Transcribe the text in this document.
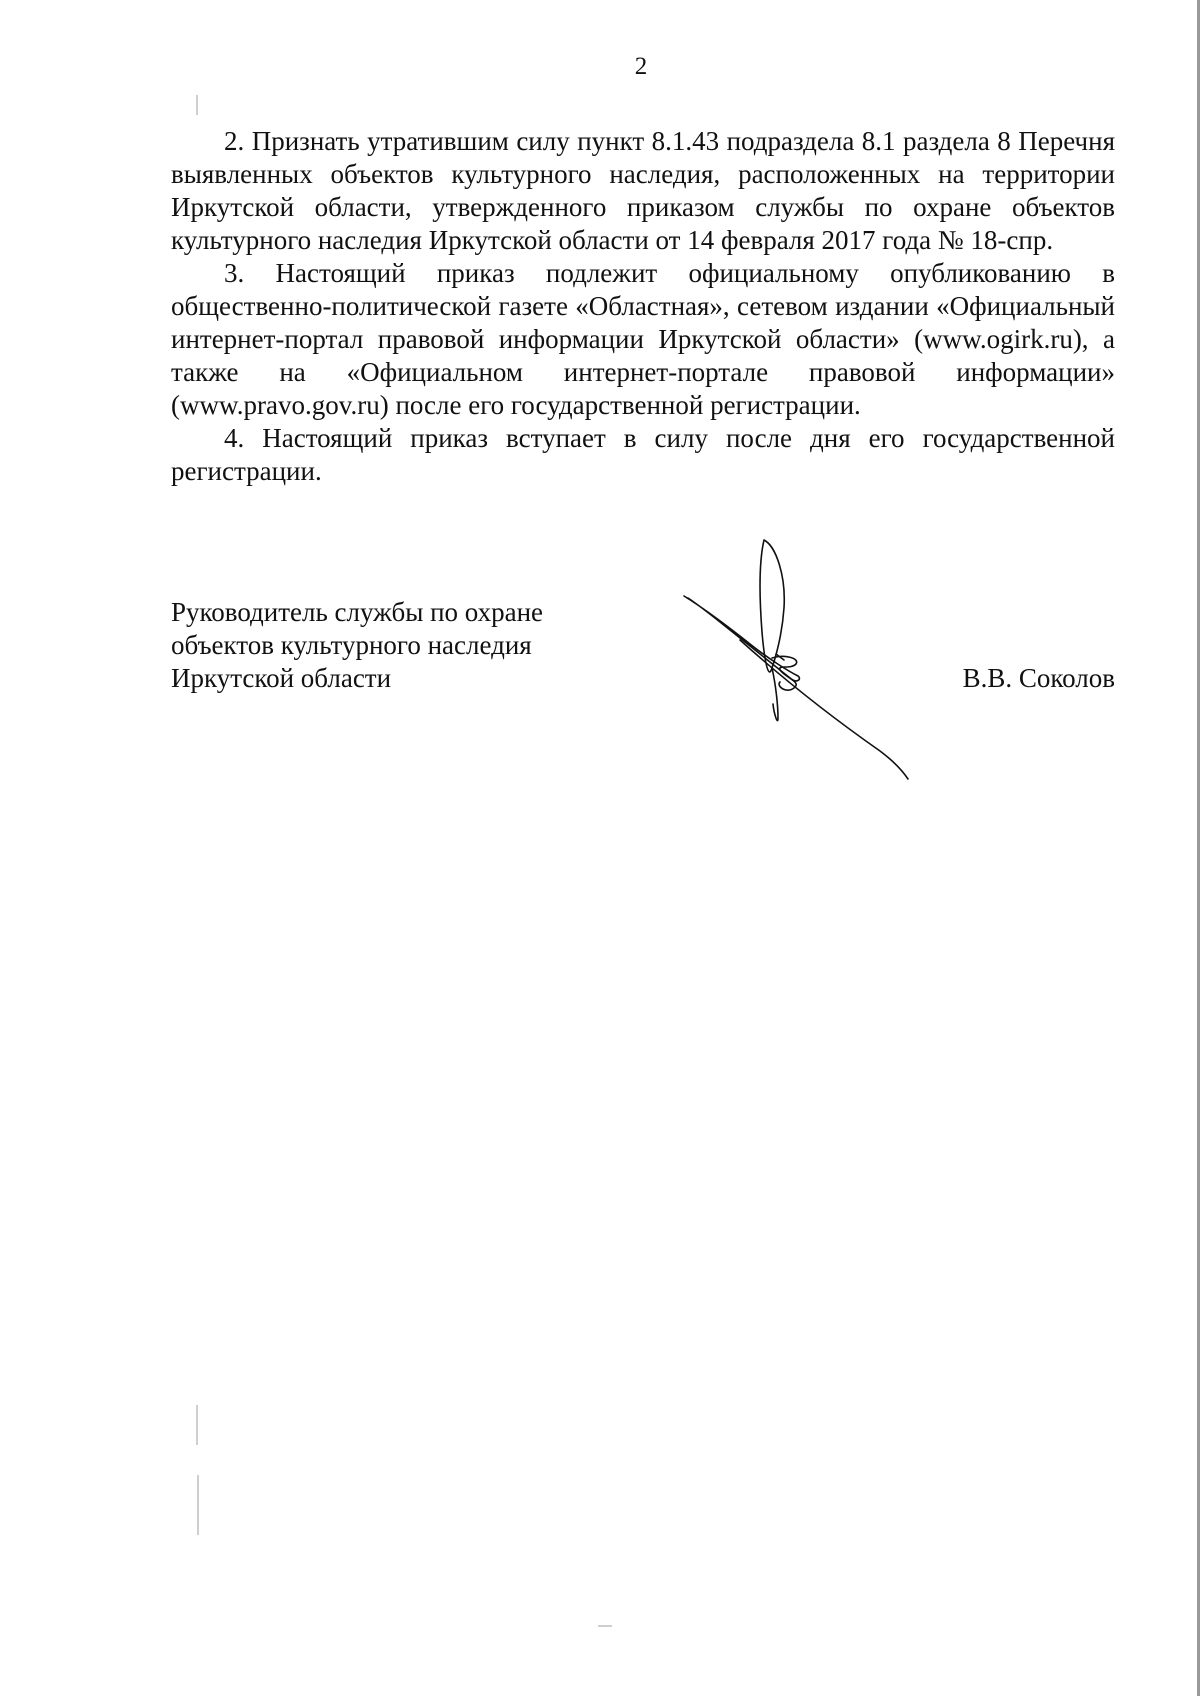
2

2. Признать утратившим силу пункт 8.1.43 подраздела 8.1 раздела 8 Перечня выявленных объектов культурного наследия, расположенных на территории Иркутской области, утвержденного приказом службы по охране объектов культурного наследия Иркутской области от 14 февраля 2017 года № 18-спр.

3. Настоящий приказ подлежит официальному опубликованию в общественно-политической газете «Областная», сетевом издании «Официальный интернет-портал правовой информации Иркутской области» (www.ogirk.ru), а также на «Официальном интернет-портале правовой информации» (www.pravo.gov.ru) после его государственной регистрации.

4. Настоящий приказ вступает в силу после дня его государственной регистрации.

Руководитель службы по охране
объектов культурного наследия
Иркутской области	В.В. Соколов
